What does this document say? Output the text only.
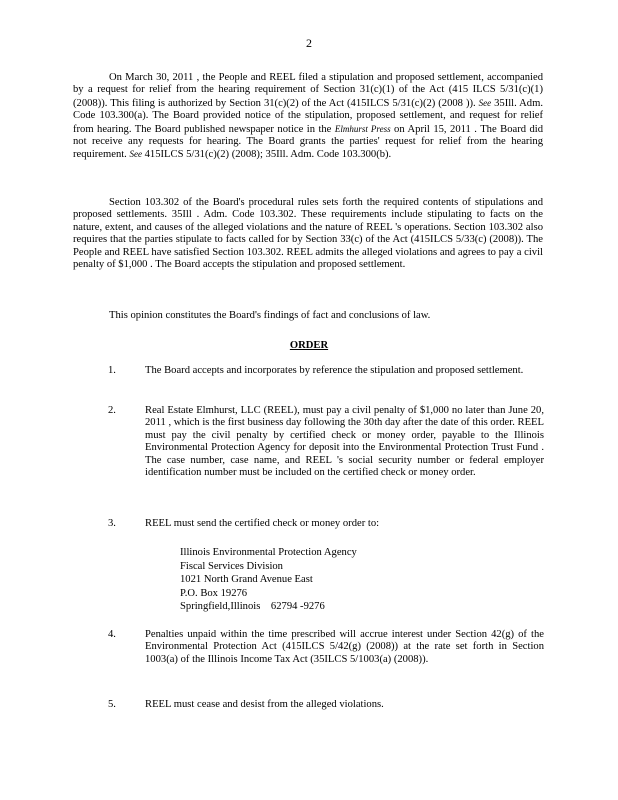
2

On March 30, 2011 , the People and REEL filed a stipulation and proposed settlement, accompanied by a request for relief from the hearing requirement of Section 31(c)(1) of the Act (415 ILCS 5/31(c)(1) (2008)). This filing is authorized by Section 31(c)(2) of the Act (415ILCS 5/31(c)(2) (2008 )). See 35Ill. Adm. Code 103.300(a). The Board provided notice of the stipulation, proposed settlement, and request for relief from hearing. The Board published newspaper notice in the Elmhurst Press on April 15, 2011 . The Board did not receive any requests for hearing. The Board grants the parties' request for relief from the hearing requirement. See 415ILCS 5/31(c)(2) (2008); 35Ill. Adm. Code 103.300(b).

Section 103.302 of the Board's procedural rules sets forth the required contents of stipulations and proposed settlements. 35Ill . Adm. Code 103.302. These requirements include stipulating to facts on the nature, extent, and causes of the alleged violations and the nature of REEL 's operations. Section 103.302 also requires that the parties stipulate to facts called for by Section 33(c) of the Act (415ILCS 5/33(c) (2008)). The People and REEL have satisfied Section 103.302. REEL admits the alleged violations and agrees to pay a civil penalty of $1,000 . The Board accepts the stipulation and proposed settlement.

This opinion constitutes the Board's findings of fact and conclusions of law.

ORDER
1.	The Board accepts and incorporates by reference the stipulation and proposed settlement.
2.	Real Estate Elmhurst, LLC (REEL), must pay a civil penalty of $1,000 no later than June 20, 2011 , which is the first business day following the 30th day after the date of this order. REEL must pay the civil penalty by certified check or money order, payable to the Illinois Environmental Protection Agency for deposit into the Environmental Protection Trust Fund . The case number, case name, and REEL 's social security number or federal employer identification number must be included on the certified check or money order.
3.	REEL must send the certified check or money order to:
Illinois Environmental Protection Agency
Fiscal Services Division
1021 North Grand Avenue East
P.O. Box 19276
Springfield,Illinois    62794 -9276
4.	Penalties unpaid within the time prescribed will accrue interest under Section 42(g) of the Environmental Protection Act (415ILCS 5/42(g) (2008)) at the rate set forth in Section 1003(a) of the Illinois Income Tax Act (35ILCS 5/1003(a) (2008)).
5.	REEL must cease and desist from the alleged violations.
